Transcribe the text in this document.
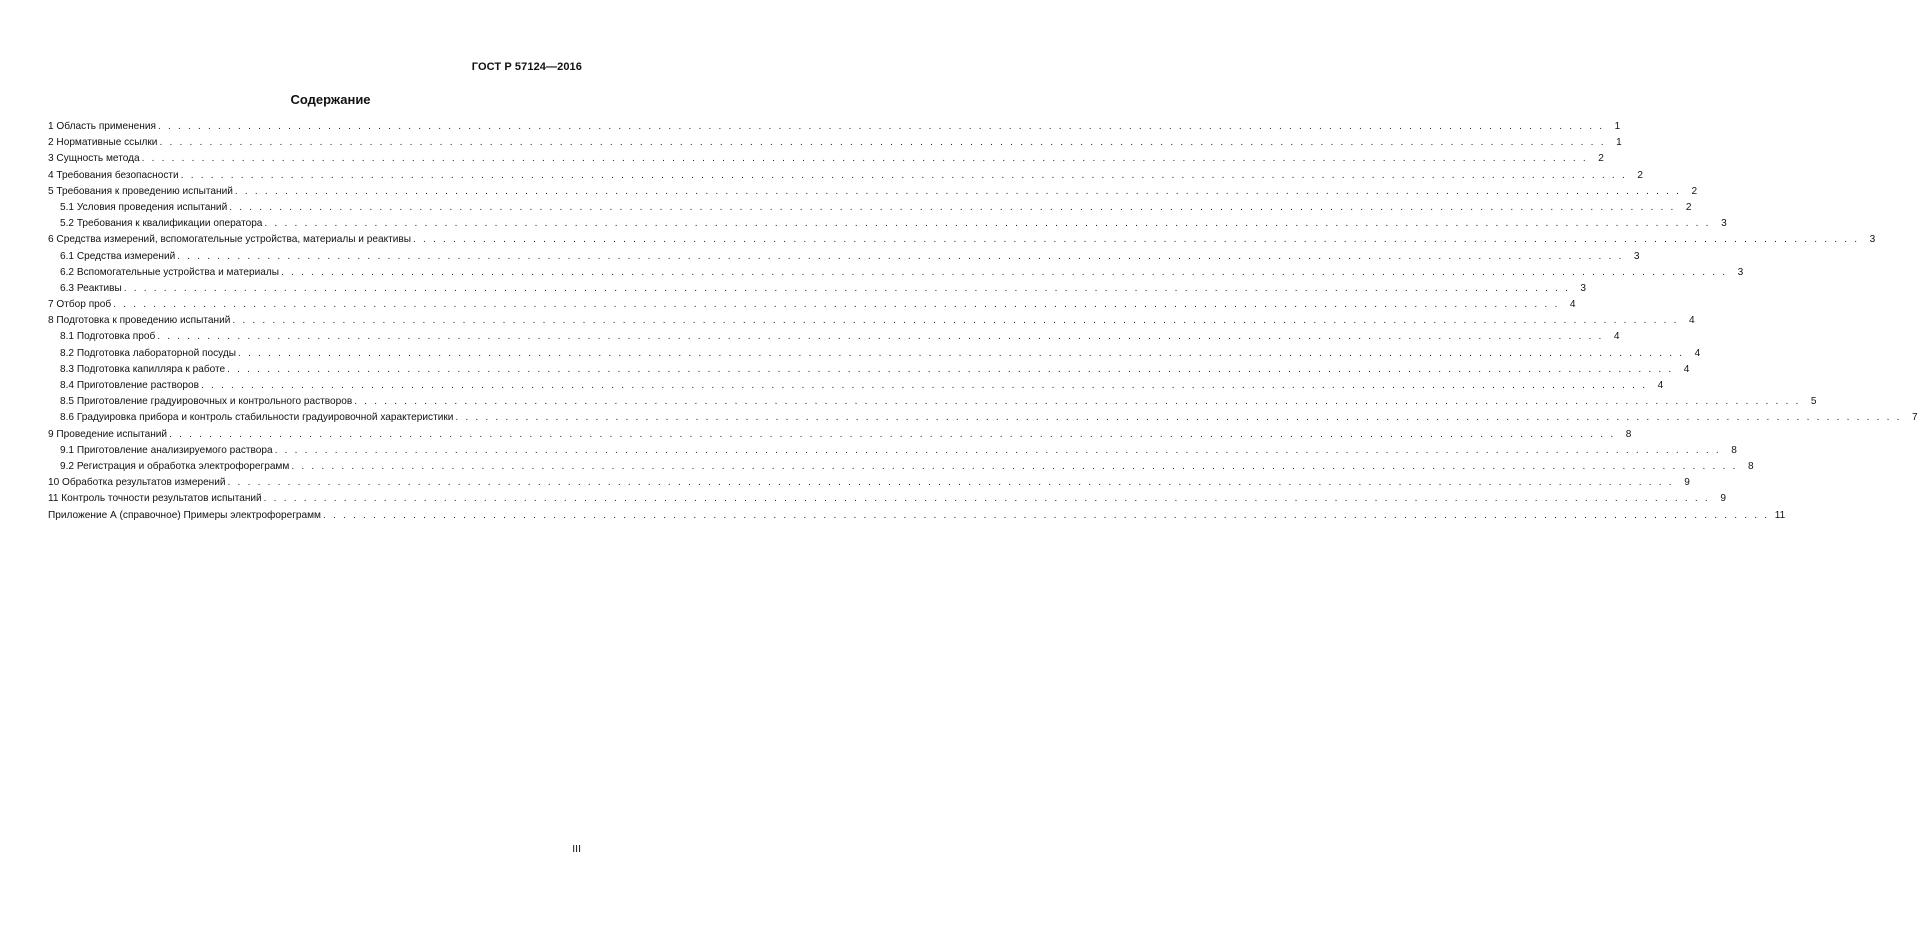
ГОСТ Р 57124—2016
Содержание
1 Область применения . . .	1
2 Нормативные ссылки . . .	1
3 Сущность метода . . .	2
4 Требования безопасности . . .	2
5 Требования к проведению испытаний . . .	2
5.1 Условия проведения испытаний . . .	2
5.2 Требования к квалификации оператора . . .	3
6 Средства измерений, вспомогательные устройства, материалы и реактивы . . .	3
6.1 Средства измерений . . .	3
6.2 Вспомогательные устройства и материалы . . .	3
6.3 Реактивы . . .	3
7 Отбор проб . . .	4
8 Подготовка к проведению испытаний . . .	4
8.1 Подготовка проб . . .	4
8.2 Подготовка лабораторной посуды . . .	4
8.3 Подготовка капилляра к работе . . .	4
8.4 Приготовление растворов . . .	4
8.5 Приготовление градуировочных и контрольного растворов . . .	5
8.6 Градуировка прибора и контроль стабильности градуировочной характеристики . . .	7
9 Проведение испытаний . . .	8
9.1 Приготовление анализируемого раствора . . .	8
9.2 Регистрация и обработка электрофореграмм . . .	8
10 Обработка результатов измерений . . .	9
11 Контроль точности результатов испытаний . . .	9
Приложение А (справочное) Примеры электрофореграмм . . .	11
III
